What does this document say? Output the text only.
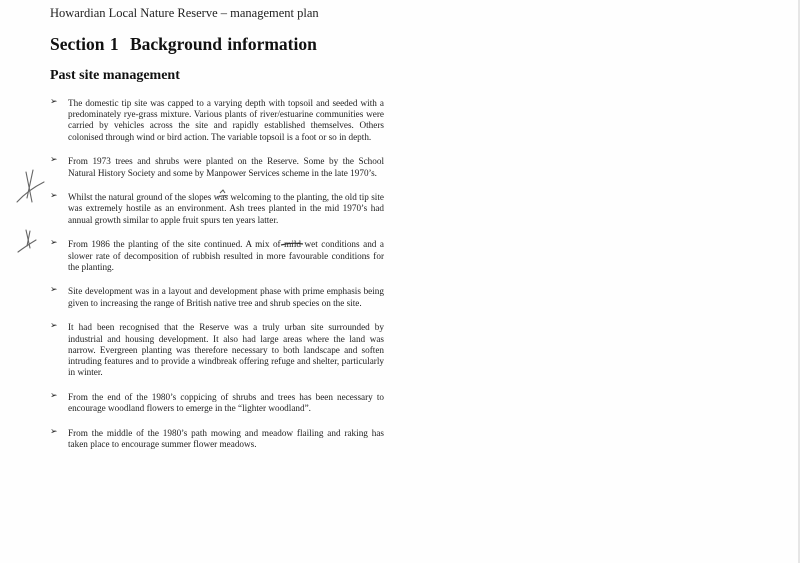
Howardian Local Nature Reserve – management plan
Section 1 Background information
Past site management
➢ The domestic tip site was capped to a varying depth with topsoil and seeded with a predominately rye-grass mixture. Various plants of river/estuarine communities were carried by vehicles across the site and rapidly established themselves. Others colonised through wind or bird action. The variable topsoil is a foot or so in depth.
➢ From 1973 trees and shrubs were planted on the Reserve. Some by the School Natural History Society and some by Manpower Services scheme in the late 1970’s.
➢ Whilst the natural ground of the slopes was welcoming to the planting, the old tip site was extremely hostile as an environment. Ash trees planted in the mid 1970’s had annual growth similar to apple fruit spurs ten years latter.
➢ From 1986 the planting of the site continued. A mix of mild wet conditions and a slower rate of decomposition of rubbish resulted in more favourable conditions for the planting.
➢ Site development was in a layout and development phase with prime emphasis being given to increasing the range of British native tree and shrub species on the site.
➢ It had been recognised that the Reserve was a truly urban site surrounded by industrial and housing development. It also had large areas where the land was narrow. Evergreen planting was therefore necessary to both landscape and soften intruding features and to provide a windbreak offering refuge and shelter, particularly in winter.
➢ From the end of the 1980’s coppicing of shrubs and trees has been necessary to encourage woodland flowers to emerge in the “lighter woodland”.
➢ From the middle of the 1980’s path mowing and meadow flailing and raking has taken place to encourage summer flower meadows.
